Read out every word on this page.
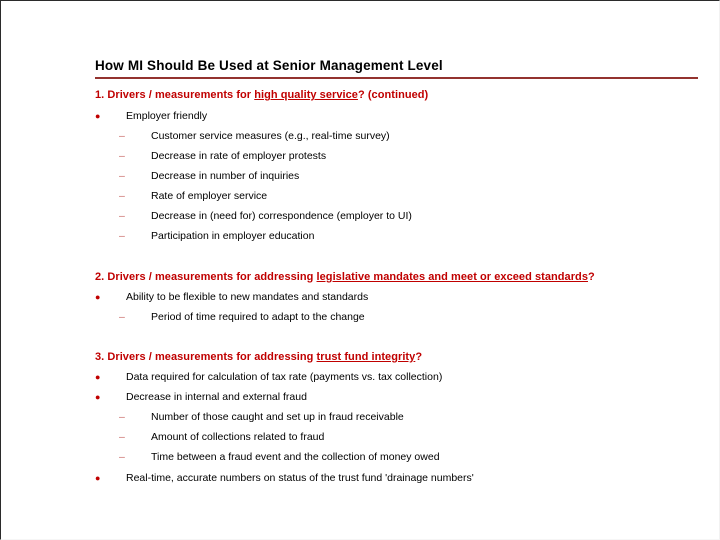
How MI Should Be Used at Senior Management Level
1. Drivers / measurements for high quality service? (continued)
● Employer friendly
– Customer service measures (e.g., real-time survey)
– Decrease in rate of employer protests
– Decrease in number of inquiries
– Rate of employer service
– Decrease in (need for) correspondence (employer to UI)
– Participation in employer education
2. Drivers / measurements for addressing legislative mandates and meet or exceed standards?
● Ability to be flexible to new mandates and standards
– Period of time required to adapt to the change
3. Drivers / measurements for addressing trust fund integrity?
● Data required for calculation of tax rate (payments vs. tax collection)
● Decrease in internal and external fraud
– Number of those caught and set up in fraud receivable
– Amount of collections related to fraud
– Time between a fraud event and the collection of money owed
● Real-time, accurate numbers on status of the trust fund 'drainage numbers'
